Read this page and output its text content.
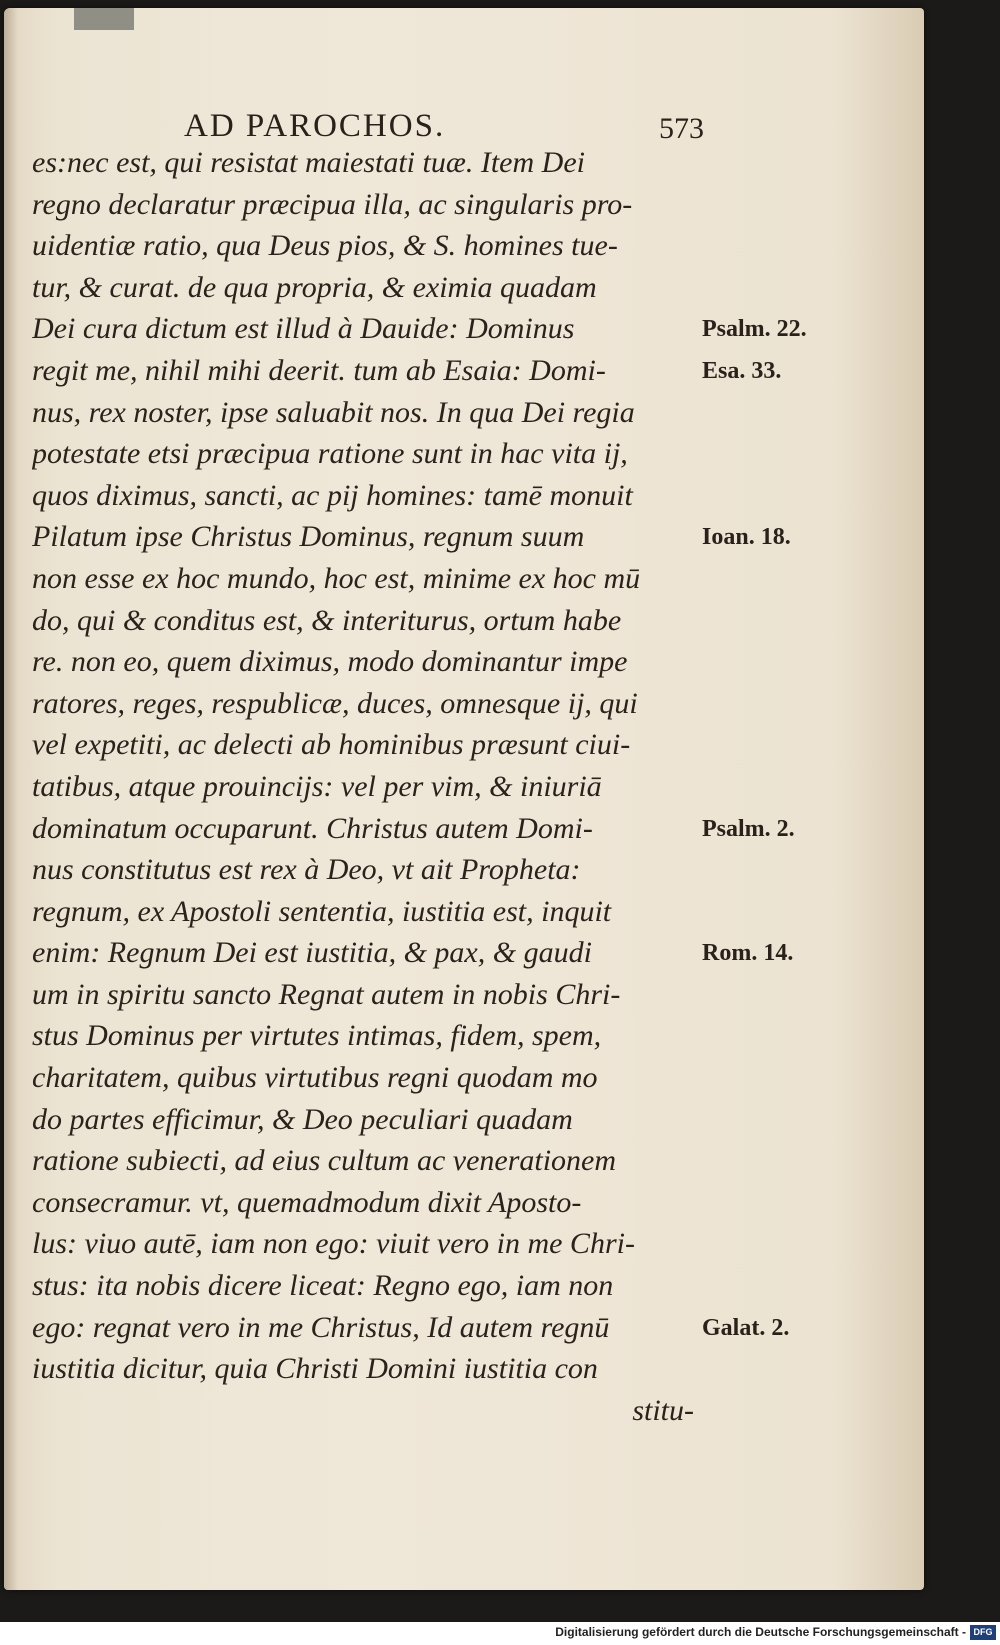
AD PAROCHOS.	573
es:nec est, qui resistat maiestati tuæ. Item Dei
regno declaratur præcipua illa, ac singularis pro-
uidentiæ ratio, qua Deus pios, & S. homines tue-
tur, & curat. de qua propria, & eximia quadam
Dei cura dictum est illud à Dauide: Dominus
regit me, nihil mihi deerit. tum ab Esaia: Domi-
nus, rex noster, ipse saluabit nos. In qua Dei regia
potestate etsi præcipua ratione sunt in hac vita ij,
quos diximus, sancti, ac pij homines: tamē monuit
Pilatum ipse Christus Dominus, regnum suum
non esse ex hoc mundo, hoc est, minime ex hoc mū
do, qui & conditus est, & interiturus, ortum habe
re. non eo, quem diximus, modo dominantur impe
ratores, reges, respublicæ, duces, omnesque ij, qui
vel expetiti, ac delecti ab hominibus præsunt ciui-
tatibus, atque prouincijs: vel per vim, & iniuriā
dominatum occuparunt. Christus autem Domi-
nus constitutus est rex à Deo, vt ait Propheta:
regnum, ex Apostoli sententia, iustitia est, inquit
enim: Regnum Dei est iustitia, & pax, & gaudi
um in spiritu sancto Regnat autem in nobis Chri-
stus Dominus per virtutes intimas, fidem, spem,
charitatem, quibus virtutibus regni quodam mo
do partes efficimur, & Deo peculiari quadam
ratione subiecti, ad eius cultum ac venerationem
consecramur. vt, quemadmodum dixit Aposto-
lus: viuo autē, iam non ego: viuit vero in me Chri-
stus: ita nobis dicere liceat: Regno ego, iam non
ego: regnat vero in me Christus, Id autem regnū
iustitia dicitur, quia Christi Domini iustitia con
stitu-
Psalm. 22.
Esa. 33.
Ioan. 18.
Psalm. 2.
Rom. 14.
Galat. 2.
Digitalisierung gefördert durch die Deutsche Forschungsgemeinschaft - DFG
